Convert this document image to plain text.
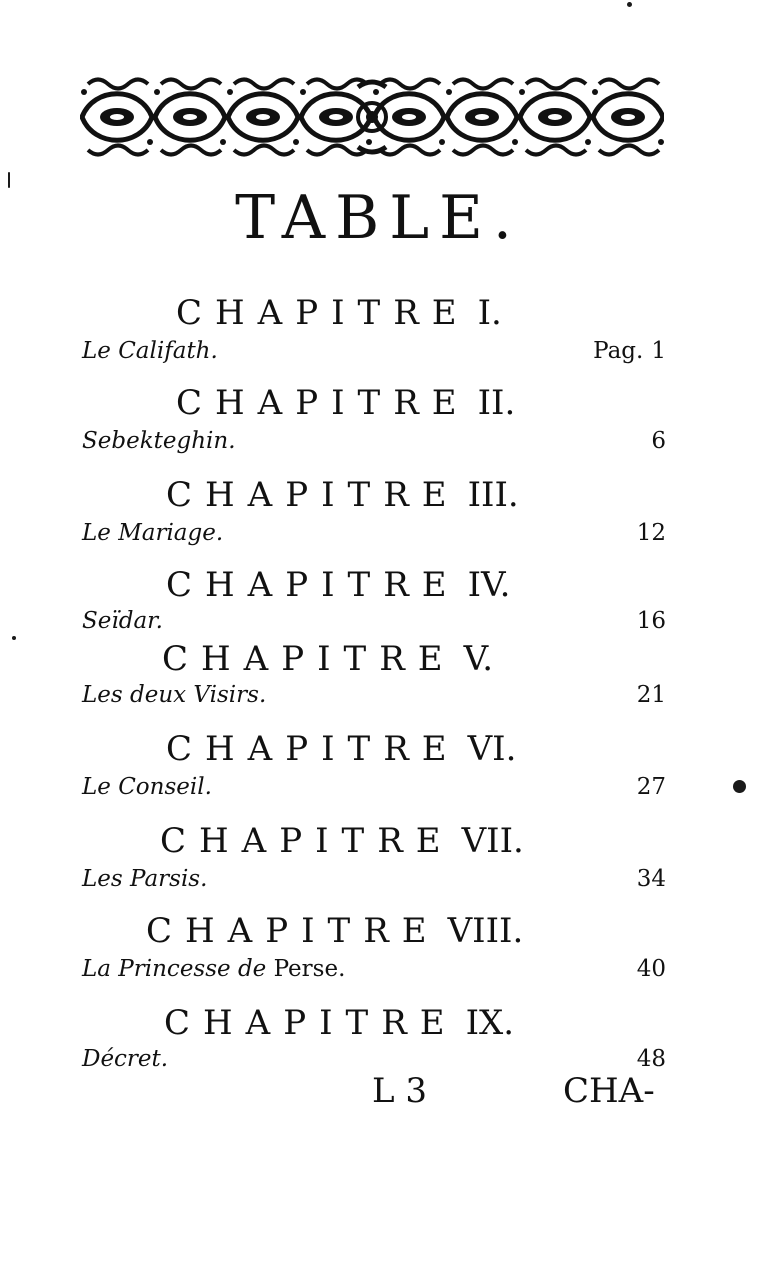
TABLE.
CHAPITRE I.
Le Califath.	Pag. 1
CHAPITRE II.
Sebekteghin.	6
CHAPITRE III.
Le Mariage.	12
CHAPITRE IV.
Seïdar.	16
CHAPITRE V.
Les deux Visirs.	21
CHAPITRE VI.
Le Conseil.	27
CHAPITRE VII.
Les Parsis.	34
CHAPITRE VIII.
La Princesse de Perse.	40
CHAPITRE IX.
Décret.	48
L 3	CHA-
